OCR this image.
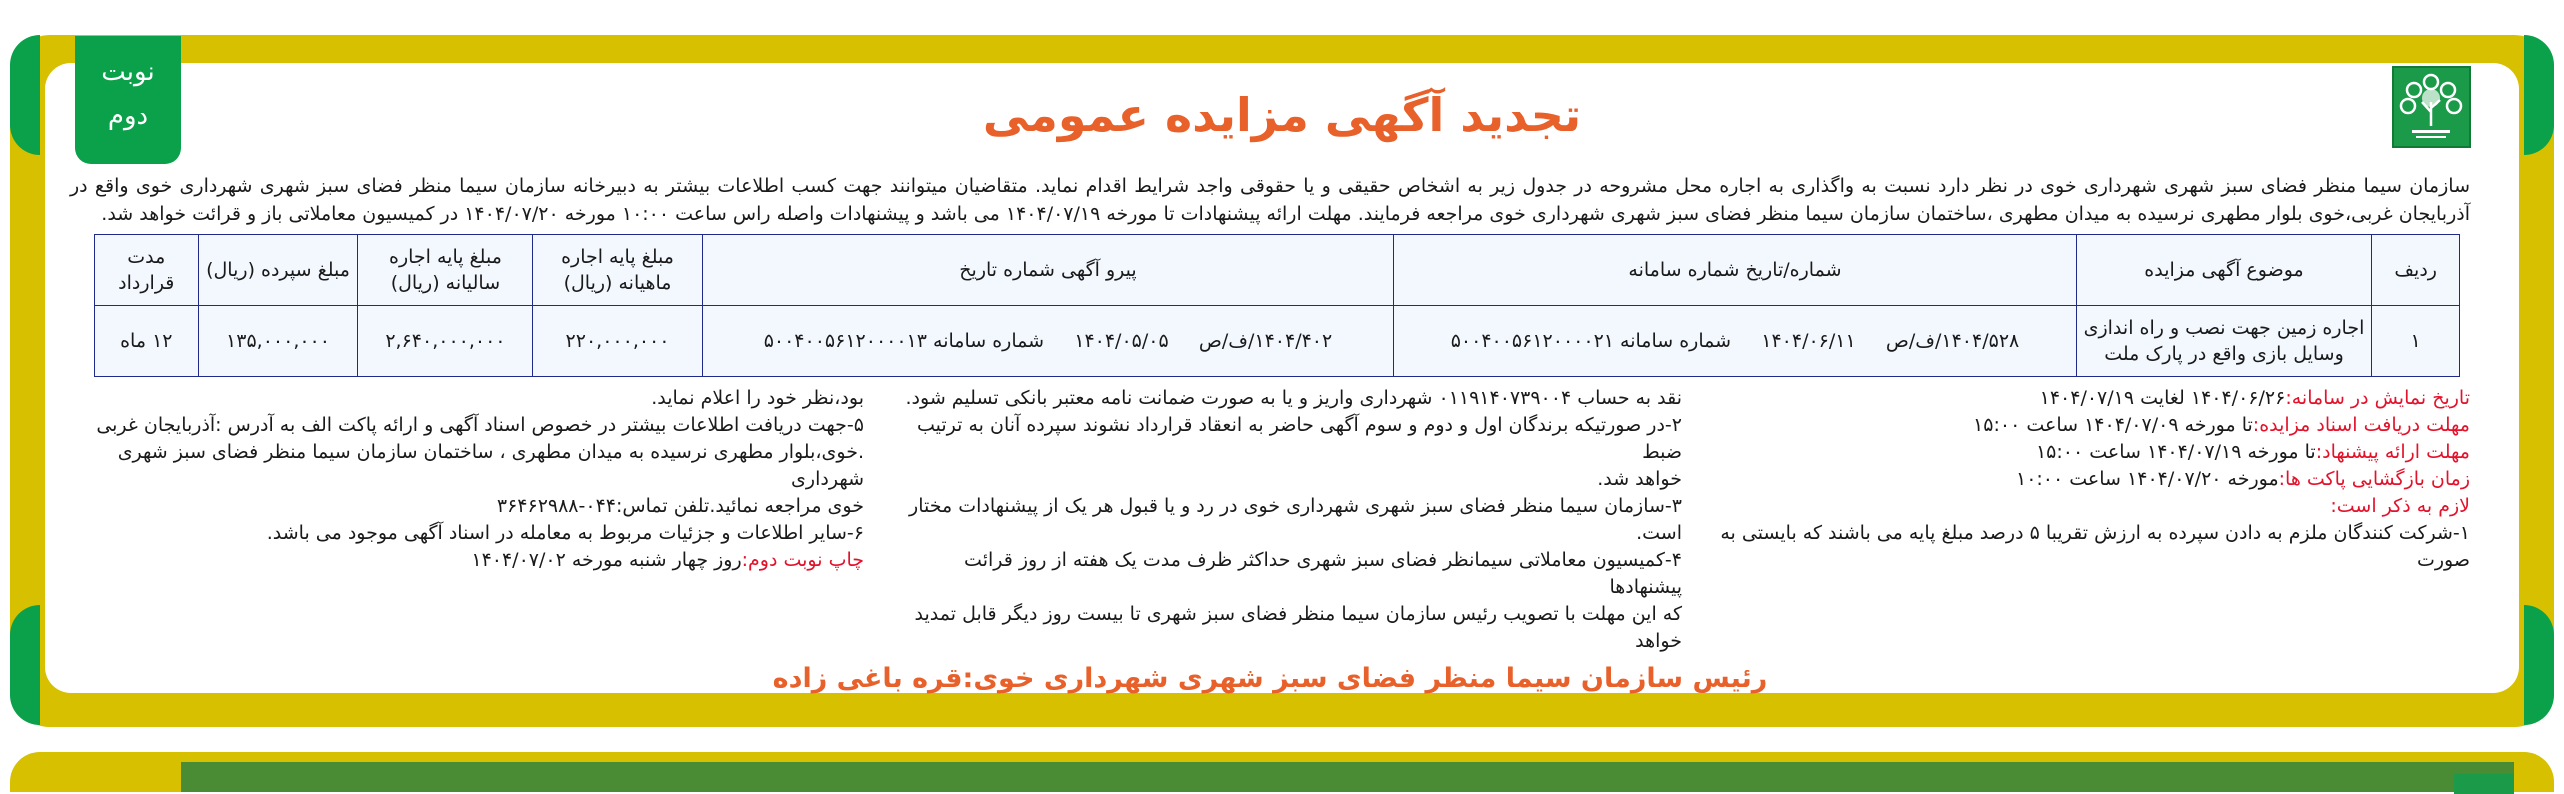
نوبت
دوم	تجدید آگهی مزایده عمومی
سازمان سیما منظر فضای سبز شهری شهرداری خوی در نظر دارد نسبت به واگذاری به اجاره محل مشروحه در جدول زیر به اشخاص حقیقی و یا حقوقی واجد شرایط اقدام نماید. متقاضیان میتوانند جهت کسب اطلاعات بیشتر به دبیرخانه سازمان سیما منظر فضای سبز شهری شهرداری خوی واقع در آذربایجان غربی،خوی بلوار مطهری نرسیده به میدان مطهری ،ساختمان سازمان سیما منظر فضای سبز شهری شهرداری خوی مراجعه فرمایند. مهلت ارائه پیشنهادات تا مورخه ۱۴۰۴/۰۷/۱۹ می باشد و پیشنهادات واصله راس ساعت ۱۰:۰۰ مورخه ۱۴۰۴/۰۷/۲۰ در کمیسیون معاملاتی باز و قرائت خواهد شد.
ردیف	موضوع آگهی مزایده	شماره/تاریخ شماره سامانه	پیرو آگهی شماره تاریخ	مبلغ پایه اجاره ماهیانه (ریال)	مبلغ پایه اجاره سالیانه (ریال)	مبلغ سپرده (ریال)	مدت قرارداد
۱	اجاره زمین جهت نصب و راه اندازی وسایل بازی واقع در پارک ملت	۱۴۰۴/۵۲۸/ف/ص     ۱۴۰۴/۰۶/۱۱     شماره سامانه ۵۰۰۴۰۰۵۶۱۲۰۰۰۰۲۱	۱۴۰۴/۴۰۲/ف/ص     ۱۴۰۴/۰۵/۰۵     شماره سامانه ۵۰۰۴۰۰۵۶۱۲۰۰۰۰۱۳	۲۲۰,۰۰۰,۰۰۰	۲,۶۴۰,۰۰۰,۰۰۰	۱۳۵,۰۰۰,۰۰۰	۱۲ ماه
تاریخ نمایش در سامانه:۱۴۰۴/۰۶/۲۶ لغایت ۱۴۰۴/۰۷/۱۹
مهلت دریافت اسناد مزایده:تا مورخه ۱۴۰۴/۰۷/۰۹ ساعت ۱۵:۰۰
مهلت ارائه پیشنهاد:تا مورخه ۱۴۰۴/۰۷/۱۹ ساعت ۱۵:۰۰
زمان بازگشایی پاکت ها:مورخه ۱۴۰۴/۰۷/۲۰ ساعت ۱۰:۰۰
لازم به ذکر است:
۱-شرکت کنندگان ملزم به دادن سپرده به ارزش تقریبا ۵ درصد مبلغ پایه می باشند که بایستی به صورت
نقد به حساب ۰۱۱۹۱۴۰۷۳۹۰۰۴ شهرداری واریز و یا به صورت ضمانت نامه معتبر بانکی تسلیم شود.
۲-در صورتیکه برندگان اول و دوم و سوم آگهی حاضر به انعقاد قرارداد نشوند سپرده آنان به ترتیب ضبط
خواهد شد.
۳-سازمان سیما منظر فضای سبز شهری شهرداری خوی در رد و یا قبول هر یک از پیشنهادات مختار است.
۴-کمیسیون معاملاتی سیمانظر فضای سبز شهری حداکثر ظرف مدت یک هفته از روز قرائت پیشنهادها
که این مهلت با تصویب رئیس سازمان سیما منظر فضای سبز شهری تا بیست روز دیگر قابل تمدید خواهد
بود،نظر خود را اعلام نماید.
۵-جهت دریافت اطلاعات بیشتر در خصوص اسناد آگهی و ارائه پاکت الف به آدرس :آذربایجان غربی
.خوی،بلوار مطهری نرسیده به میدان مطهری ، ساختمان سازمان سیما منظر فضای سبز شهری شهرداری
خوی مراجعه نمائید.تلفن تماس:۰۴۴-۳۶۴۶۲۹۸۸
۶-سایر اطلاعات و جزئیات مربوط به معامله در اسناد آگهی موجود می باشد.
چاپ نوبت دوم:روز چهار شنبه مورخه ۱۴۰۴/۰۷/۰۲
رئیس سازمان سیما منظر فضای سبز شهری شهرداری خوی:قره باغی زاده
